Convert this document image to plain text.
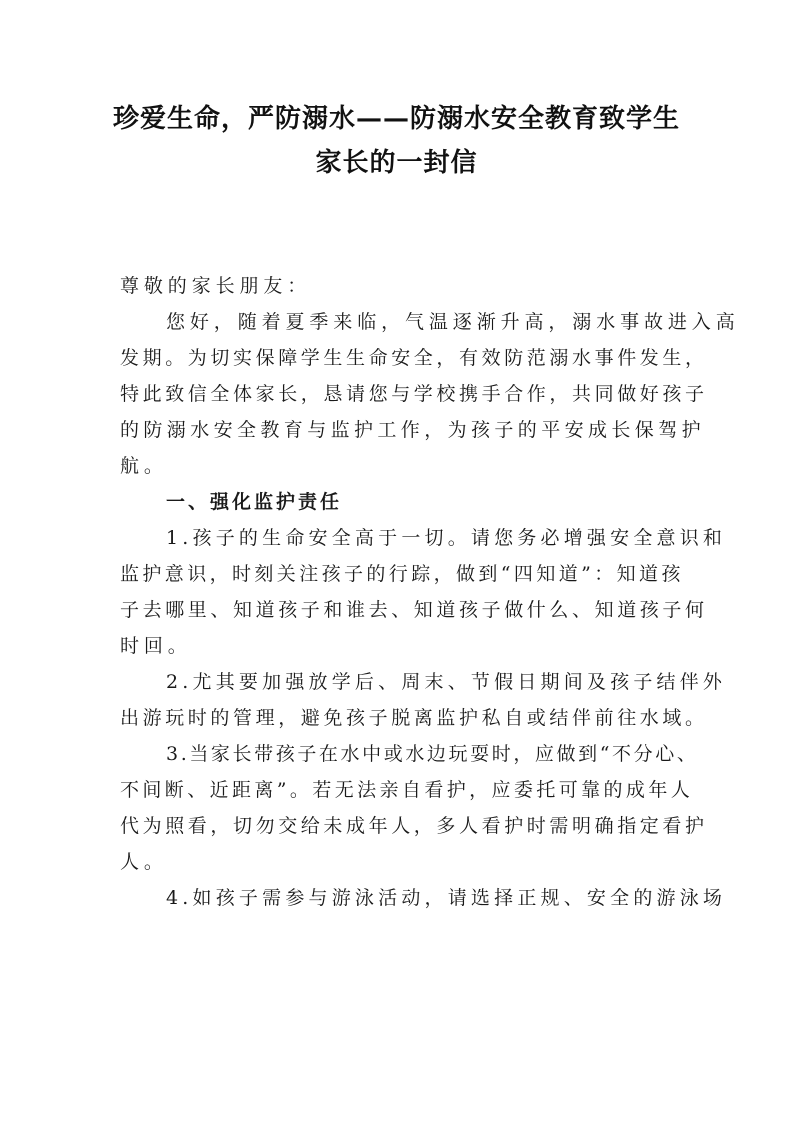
珍爱生命，严防溺水——防溺水安全教育致学生
家长的一封信
尊敬的家长朋友：
您好，随着夏季来临，气温逐渐升高，溺水事故进入高
发期。为切实保障学生生命安全，有效防范溺水事件发生，
特此致信全体家长，恳请您与学校携手合作，共同做好孩子
的防溺水安全教育与监护工作，为孩子的平安成长保驾护
航。
一、强化监护责任
1.孩子的生命安全高于一切。请您务必增强安全意识和
监护意识，时刻关注孩子的行踪，做到“四知道”：知道孩
子去哪里、知道孩子和谁去、知道孩子做什么、知道孩子何
时回。
2.尤其要加强放学后、周末、节假日期间及孩子结伴外
出游玩时的管理，避免孩子脱离监护私自或结伴前往水域。
3.当家长带孩子在水中或水边玩耍时，应做到“不分心、
不间断、近距离”。若无法亲自看护，应委托可靠的成年人
代为照看，切勿交给未成年人，多人看护时需明确指定看护
人。
4.如孩子需参与游泳活动，请选择正规、安全的游泳场
